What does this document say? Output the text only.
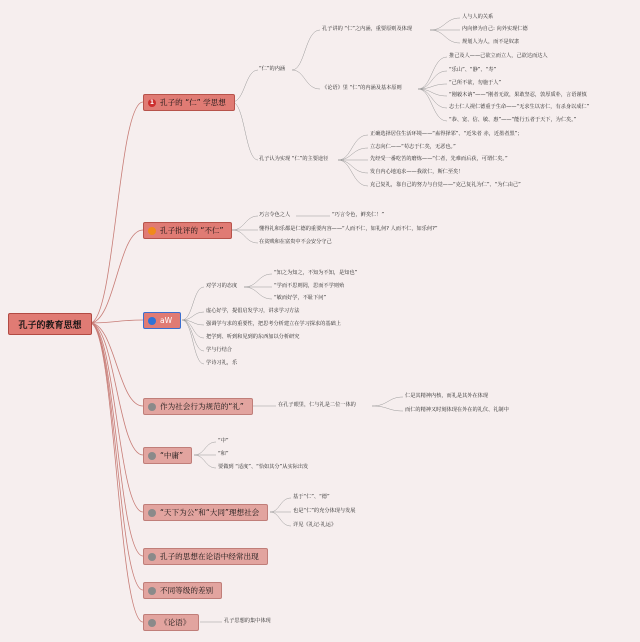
孔子的教育思想
1 孔子的 “仁” 学思想
孔子批评的 “不仁”
aW
作为社会行为规范的“礼”
“中庸”
“天下为公”和“大同”理想社会
孔子的思想在论语中经常出现
不同等级的差别
《论语》
“仁”的内涵
孔子讲的 “仁”之内涵，重要原则及体现
人与人的关系
内向修为自己: 向外实现仁德
规划人为人，而不是奴隶
《论语》里 “仁”的内涵及基本原则
推己及人——己欲立而立人，己欲达而达人
“乐山”、“静”、“寿”
“己所不欲，勿施于人”
“刚毅木讷”——“刚者无欲，果敢坚忍，敦厚质朴，言语谨慎
志士仁人视仁德重于生命——“无求生以害仁，有杀身以成仁”
“恭、宽、信、敏、惠”——“能行五者于天下，为仁矣。”
孔子认为实现 “仁”的主要途径
正确选择居住生活环境——“盍得择邻”、“近朱者 赤，近墨者黑”；
立志向仁——“苟志于仁矣，无恶也。”
先经受一番吃苦的磨炼——“仁者，先难而后获，可谓仁矣。”
发自内心地追求——我欲仁，斯仁至矣！
克己复礼，靠自己的努力与自觉——“克己复礼为仁”、“为仁由己”
巧言令色之人	“巧言令色，鲜矣仁！”
懂得礼和乐都是仁德的重要内容——“人而不仁，如礼何? 人而不仁，如乐何?”
在贫贱和在富贵中不会安分守己
对学习的态度
“知之为知之，不知为不知，是知也”
“学而不思则罔，思而不学则殆
“敏而好学，不耻下问”
虚心好学，提倡启发学习，讲求学习方法
强调学与求的重要性，把思考分析建立在学习探求的基础上
把学到、听到和见到的东西加以分析研究
学与行结合
学诗习礼，乐
在孔子眼里，仁与礼是二位一体的
仁是其精神内核，而礼是其外在体现
而仁的精神又时刻体现在外在的礼仪、礼制中
“中”
“和”
要做到 “适度”、“恰如其分”从实际出发
基于“仁”、“德”
也是“仁”的充分体现与发展
详见《礼记·礼运》
孔子思想的集中体现
